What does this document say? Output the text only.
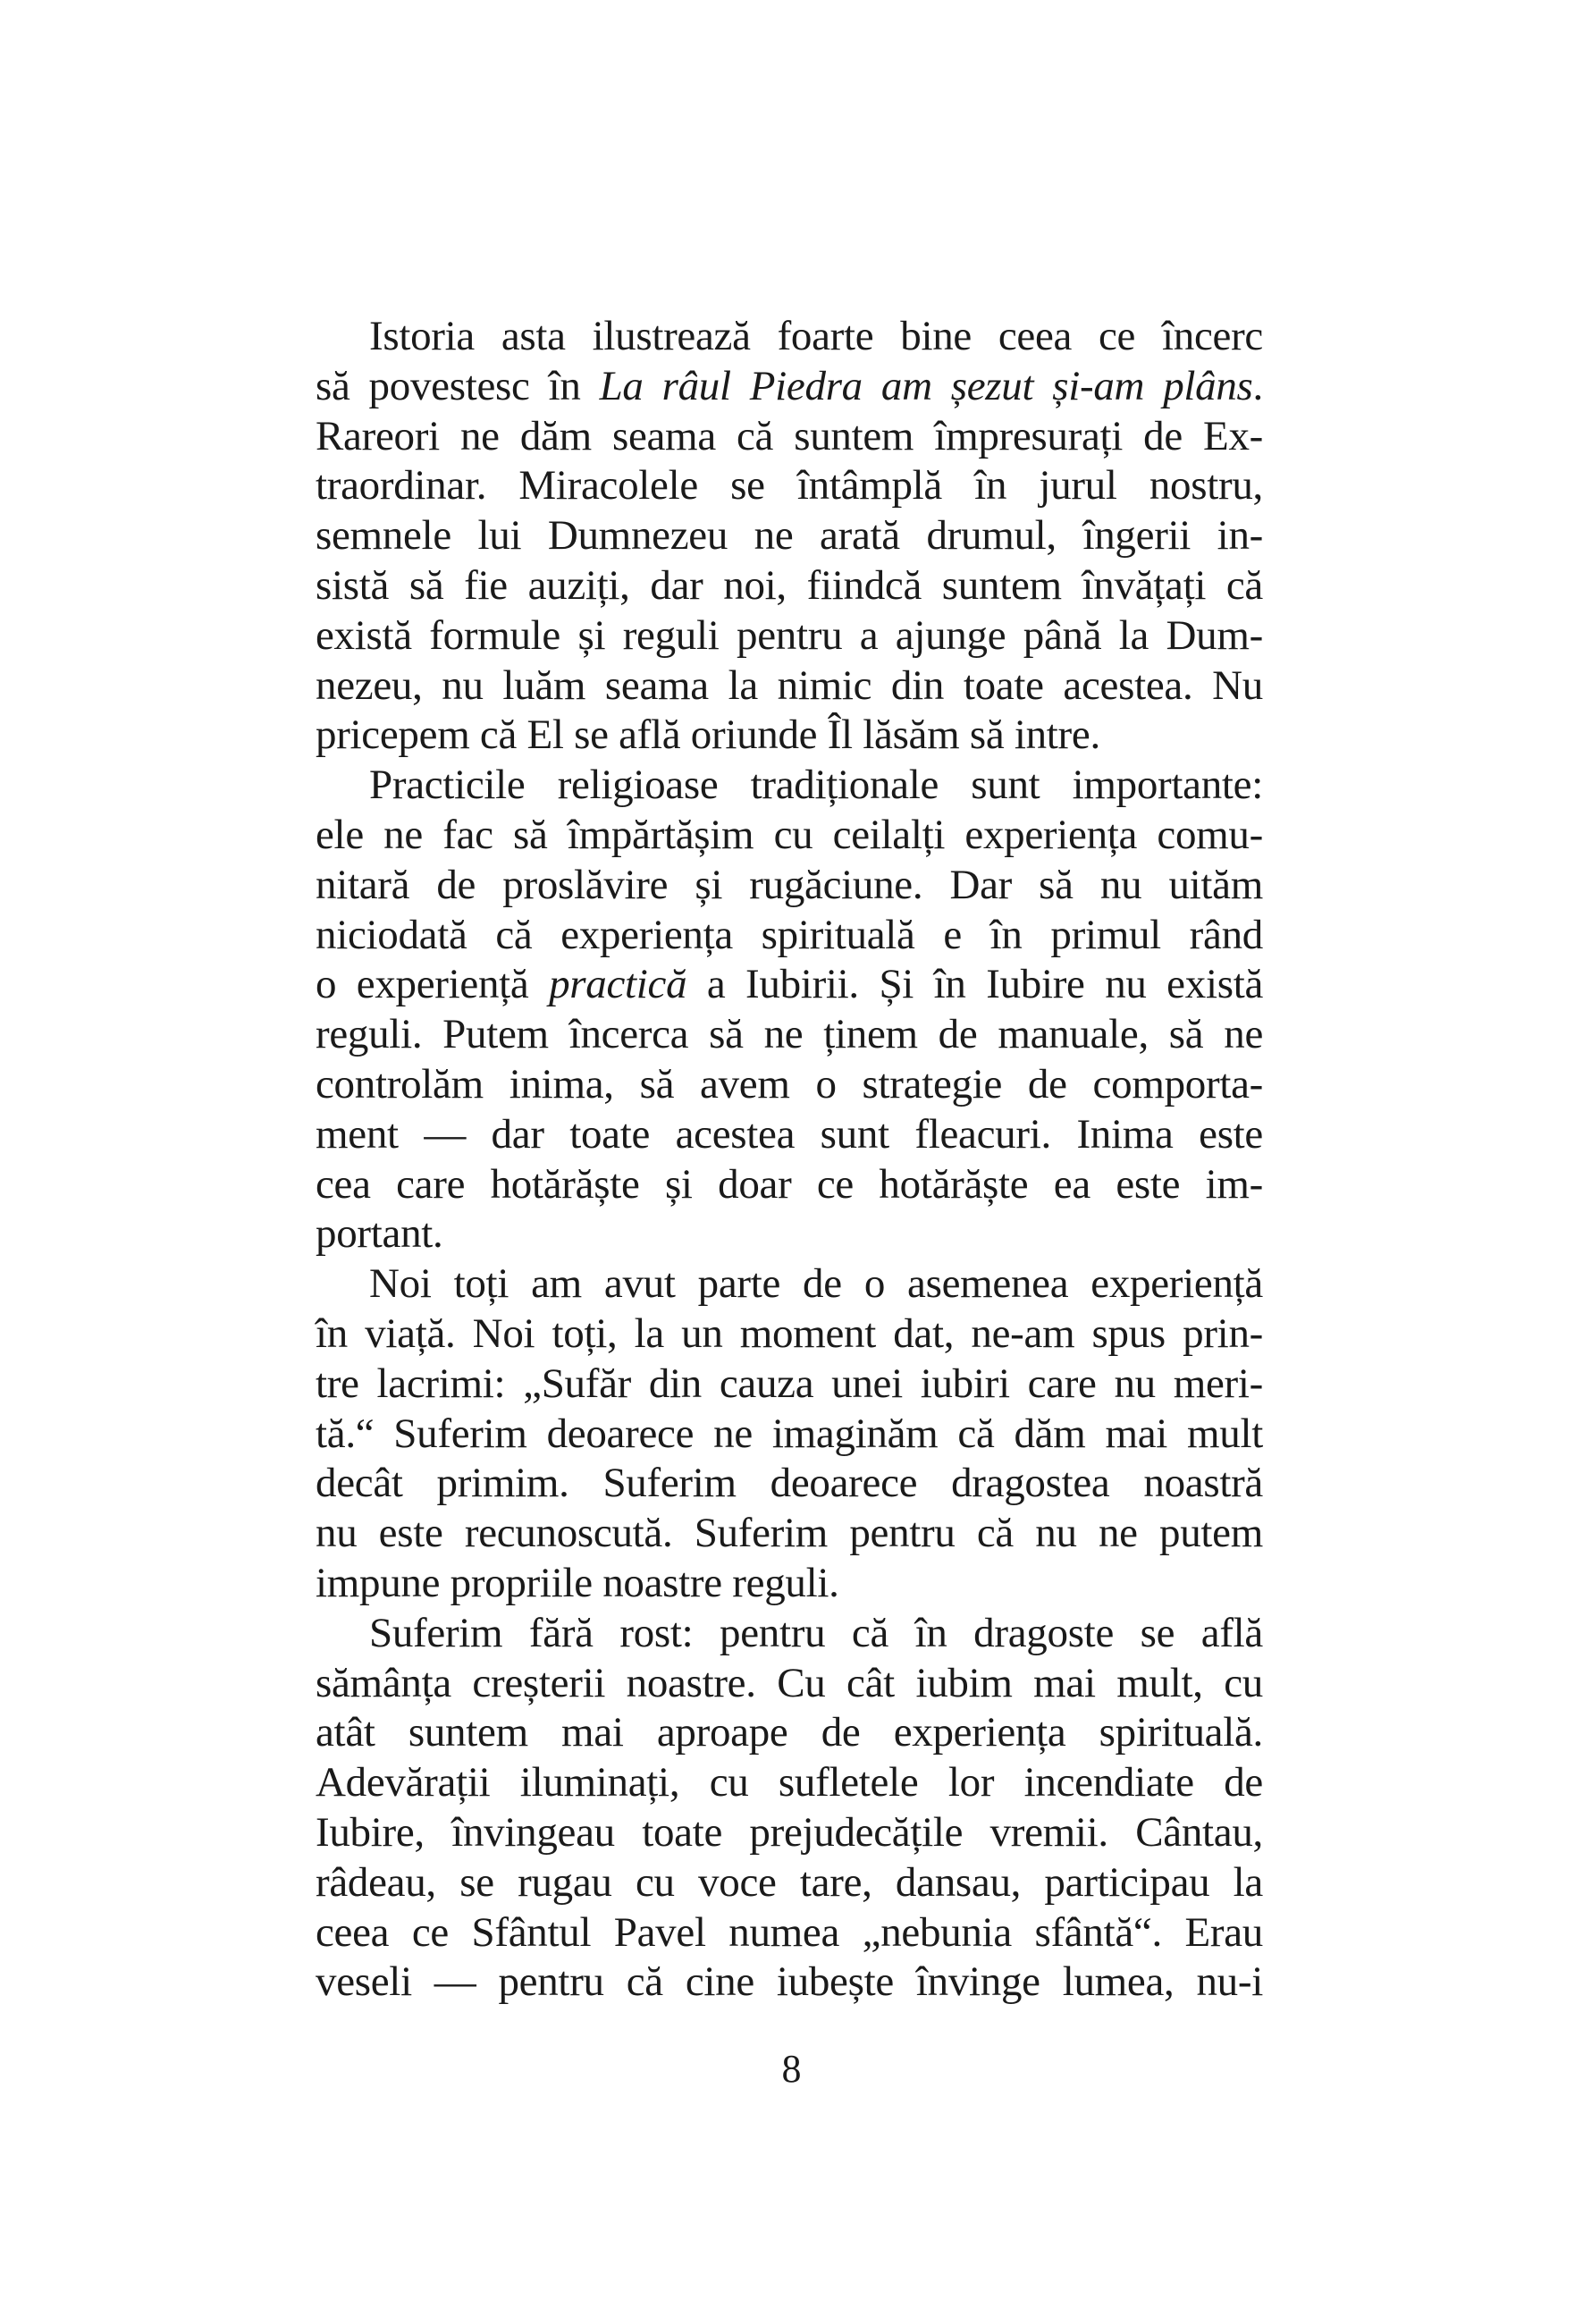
Istoria asta ilustrează foarte bine ceea ce încerc
să povestesc în La râul Piedra am șezut și-am plâns.
Rareori ne dăm seama că suntem împresurați de Ex-
traordinar. Miracolele se întâmplă în jurul nostru,
semnele lui Dumnezeu ne arată drumul, îngerii in-
sistă să fie auziți, dar noi, fiindcă suntem învățați că
există formule și reguli pentru a ajunge până la Dum-
nezeu, nu luăm seama la nimic din toate acestea. Nu
pricepem că El se află oriunde Îl lăsăm să intre.
Practicile religioase tradiționale sunt importante:
ele ne fac să împărtășim cu ceilalți experiența comu-
nitară de proslăvire și rugăciune. Dar să nu uităm
niciodată că experiența spirituală e în primul rând
o experiență practică a Iubirii. Și în Iubire nu există
reguli. Putem încerca să ne ținem de manuale, să ne
controlăm inima, să avem o strategie de comporta-
ment — dar toate acestea sunt fleacuri. Inima este
cea care hotărăște și doar ce hotărăște ea este im-
portant.
Noi toți am avut parte de o asemenea experiență
în viață. Noi toți, la un moment dat, ne-am spus prin-
tre lacrimi: „Sufăr din cauza unei iubiri care nu meri-
tă.“ Suferim deoarece ne imaginăm că dăm mai mult
decât primim. Suferim deoarece dragostea noastră
nu este recunoscută. Suferim pentru că nu ne putem
impune propriile noastre reguli.
Suferim fără rost: pentru că în dragoste se află
sămânța creșterii noastre. Cu cât iubim mai mult, cu
atât suntem mai aproape de experiența spirituală.
Adevărații iluminați, cu sufletele lor incendiate de
Iubire, învingeau toate prejudecățile vremii. Cântau,
râdeau, se rugau cu voce tare, dansau, participau la
ceea ce Sfântul Pavel numea „nebunia sfântă“. Erau
veseli — pentru că cine iubește învinge lumea, nu-i
8
